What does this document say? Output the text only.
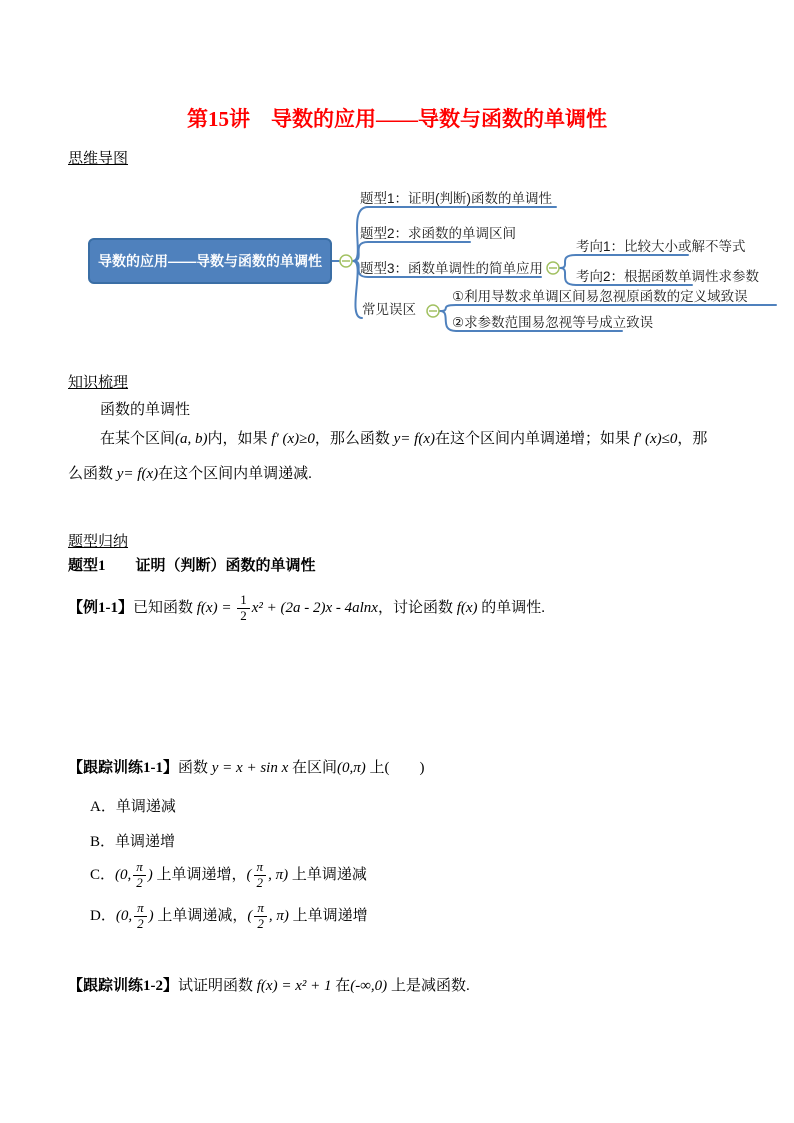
第15讲　导数的应用——导数与函数的单调性
思维导图
导数的应用——导数与函数的单调性
题型1：证明(判断)函数的单调性
题型2：求函数的单调区间
题型3：函数单调性的简单应用
常见误区
考向1：比较大小或解不等式
考向2：根据函数单调性求参数
①利用导数求单调区间易忽视原函数的定义域致误
②求参数范围易忽视等号成立致误
知识梳理
函数的单调性
在某个区间 (a, b) 内，如果 f′ (x)≥0 ，那么函数 y= f(x) 在这个区间内单调递增；如果 f′ (x)≤0 ，那
么函数 y= f(x) 在这个区间内单调递减.
题型归纳
题型1 证明（判断）函数的单调性
【例1-1】 已知函数 $f(x) = \frac{1}{2} x^2 + (2a - 2)x - 4alnx$ ，讨论函数 f(x) 的单调性.
【跟踪训练1-1】 函数 y = x + sin x 在区间 (0,π) 上(　　)
A．单调递减
B．单调递增
C． (0, $\frac{\pi}{2}$ ) 上单调递增， ( $\frac{\pi}{2}$ , π) 上单调递减
D． (0, $\frac{\pi}{2}$ ) 上单调递减， ( $\frac{\pi}{2}$ , π) 上单调递增
【跟踪训练1-2】 试证明函数 f(x) = x² + 1 在 (-∞,0) 上是减函数.
